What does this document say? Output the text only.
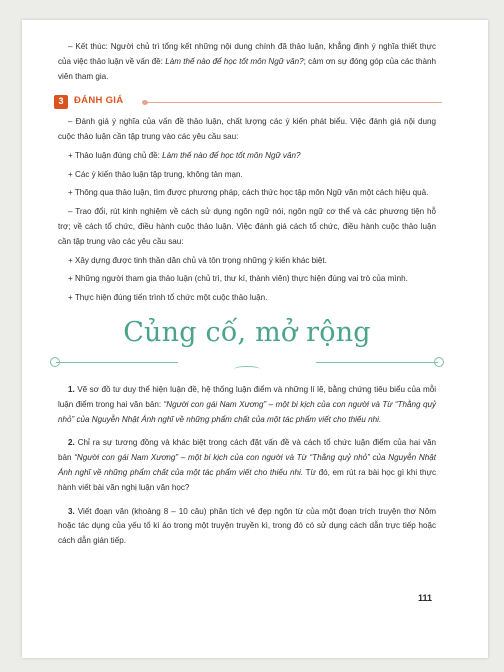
– Kết thúc: Người chủ trì tổng kết những nội dung chính đã thảo luận, khẳng định ý nghĩa thiết thực của việc thảo luận về vấn đề: Làm thế nào để học tốt môn Ngữ văn?; cảm ơn sự đóng góp của các thành viên tham gia.

3	ĐÁNH GIÁ

– Đánh giá ý nghĩa của vấn đề thảo luận, chất lượng các ý kiến phát biểu. Việc đánh giá nội dung cuộc thảo luận cần tập trung vào các yêu cầu sau:

+ Thảo luận đúng chủ đề: Làm thế nào để học tốt môn Ngữ văn?

+ Các ý kiến thảo luận tập trung, không tản mạn.

+ Thông qua thảo luận, tìm được phương pháp, cách thức học tập môn Ngữ văn một cách hiệu quả.

– Trao đổi, rút kinh nghiệm về cách sử dụng ngôn ngữ nói, ngôn ngữ cơ thể và các phương tiện hỗ trợ; về cách tổ chức, điều hành cuộc thảo luận. Việc đánh giá cách tổ chức, điều hành cuộc thảo luận cần tập trung vào các yêu cầu sau:

+ Xây dựng được tinh thần dân chủ và tôn trọng những ý kiến khác biệt.

+ Những người tham gia thảo luận (chủ trì, thư kí, thành viên) thực hiện đúng vai trò của mình.

+ Thực hiện đúng tiến trình tổ chức một cuộc thảo luận.

Củng cố, mở rộng

1. Vẽ sơ đồ tư duy thể hiện luận đề, hệ thống luận điểm và những lí lẽ, bằng chứng tiêu biểu của mỗi luận điểm trong hai văn bản: “Người con gái Nam Xương” – một bi kịch của con người và Từ “Thằng quỷ nhỏ” của Nguyễn Nhật Ánh nghĩ về những phẩm chất của một tác phẩm viết cho thiếu nhi.

2. Chỉ ra sự tương đồng và khác biệt trong cách đặt vấn đề và cách tổ chức luận điểm của hai văn bản “Người con gái Nam Xương” – một bi kịch của con người và Từ “Thằng quỷ nhỏ” của Nguyễn Nhật Ánh nghĩ về những phẩm chất của một tác phẩm viết cho thiếu nhi. Từ đó, em rút ra bài học gì khi thực hành viết bài văn nghị luận văn học?

3. Viết đoạn văn (khoảng 8 – 10 câu) phân tích vẻ đẹp ngôn từ của một đoạn trích truyện thơ Nôm hoặc tác dụng của yếu tố kì ảo trong một truyện truyền kì, trong đó có sử dụng cách dẫn trực tiếp hoặc cách dẫn gián tiếp.

111
